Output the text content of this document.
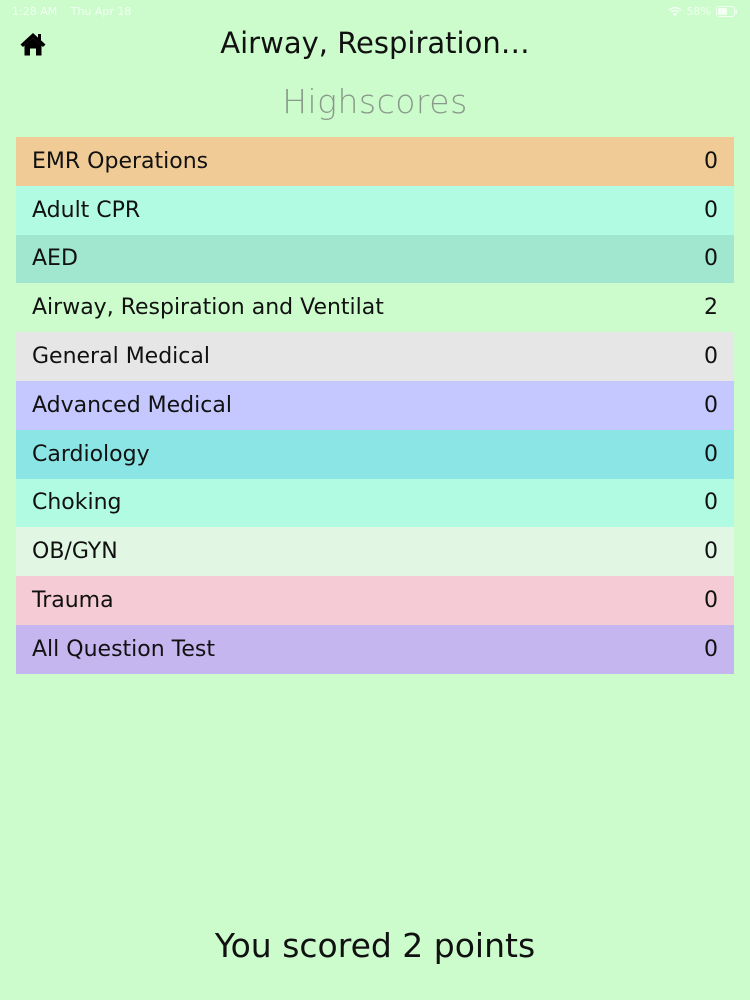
1:28 AM Thu Apr 18	58%
Airway, Respiration…
Highscores
EMR Operations	0
Adult CPR	0
AED	0
Airway, Respiration and Ventilat	2
General Medical	0
Advanced Medical	0
Cardiology	0
Choking	0
OB/GYN	0
Trauma	0
All Question Test	0
You scored 2 points
